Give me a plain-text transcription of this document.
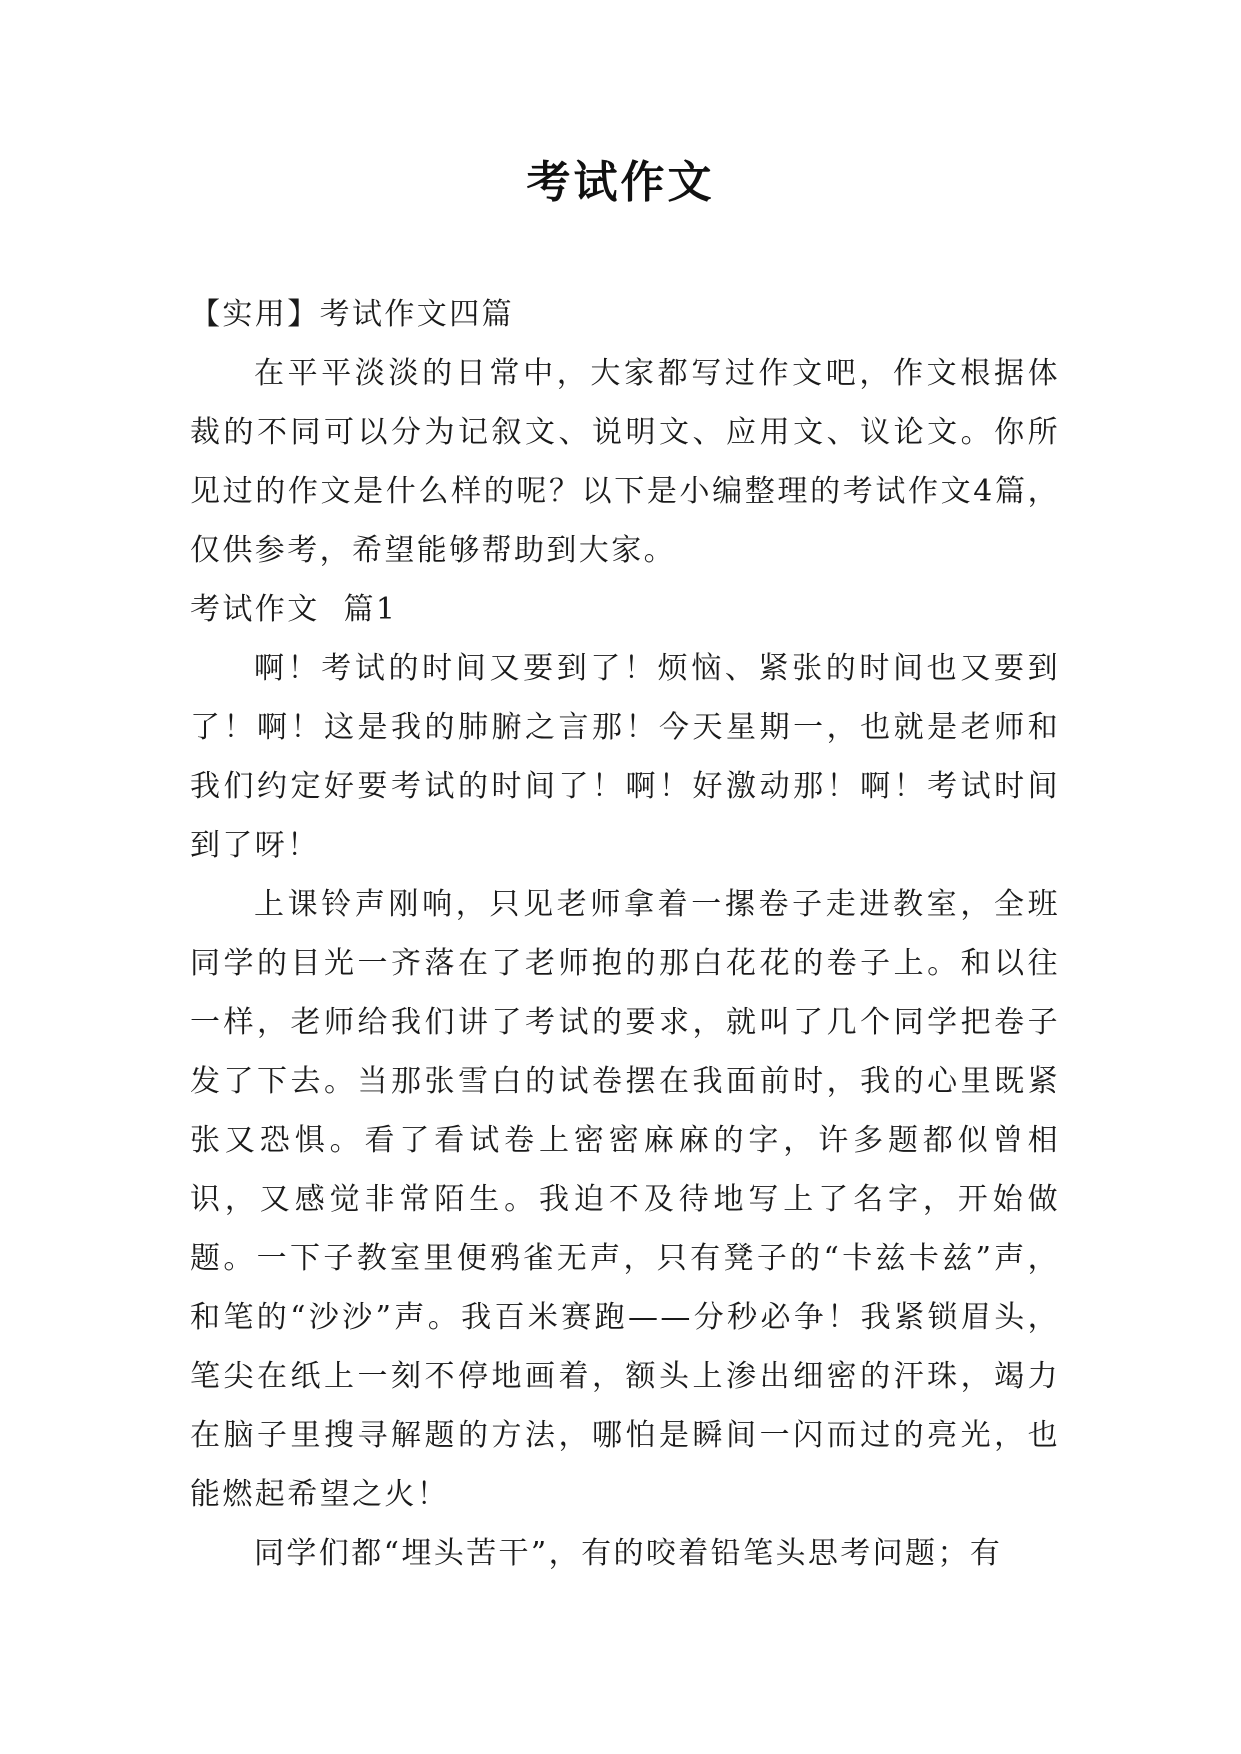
考试作文

【实用】考试作文四篇

在平平淡淡的日常中，大家都写过作文吧，作文根据体裁的不同可以分为记叙文、说明文、应用文、议论文。你所见过的作文是什么样的呢？以下是小编整理的考试作文4篇，仅供参考，希望能够帮助到大家。

考试作文  篇1

啊！考试的时间又要到了！烦恼、紧张的时间也又要到了！啊！这是我的肺腑之言那！今天星期一，也就是老师和我们约定好要考试的时间了！啊！好激动那！啊！考试时间到了呀！

上课铃声刚响，只见老师拿着一摞卷子走进教室，全班同学的目光一齐落在了老师抱的那白花花的卷子上。和以往一样，老师给我们讲了考试的要求，就叫了几个同学把卷子发了下去。当那张雪白的试卷摆在我面前时，我的心里既紧张又恐惧。看了看试卷上密密麻麻的字，许多题都似曾相识，又感觉非常陌生。我迫不及待地写上了名字，开始做题。一下子教室里便鸦雀无声，只有凳子的“卡兹卡兹”声，和笔的“沙沙”声。我百米赛跑——分秒必争！我紧锁眉头，笔尖在纸上一刻不停地画着，额头上渗出细密的汗珠，竭力在脑子里搜寻解题的方法，哪怕是瞬间一闪而过的亮光，也能燃起希望之火！

同学们都“埋头苦干”，有的咬着铅笔头思考问题；有
